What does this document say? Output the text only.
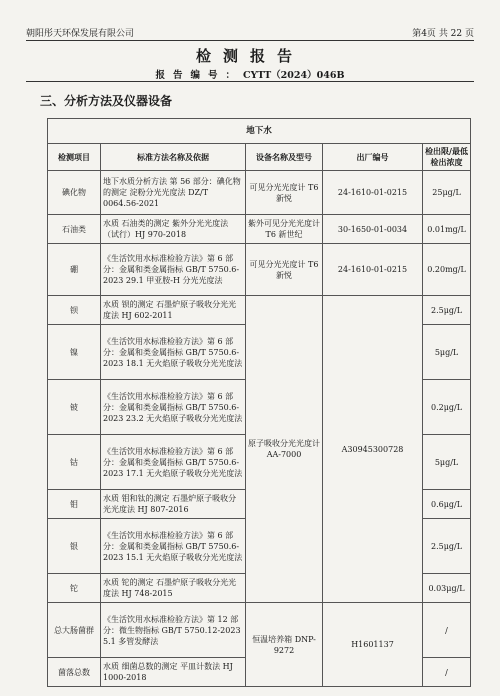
朝阳彤天环保发展有限公司	第4页 共 22 页
检测报告
报告编号：CYTT（2024）046B
三、分析方法及仪器设备
地下水				
检测项目	标准方法名称及依据	设备名称及型号	出厂编号	检出限/最低检出浓度
碘化物	地下水质分析方法 第 56 部分：碘化物的测定 淀粉分光光度法 DZ/T 0064.56-2021	可见分光光度计 T6 新悦	24-1610-01-0215	25μg/L
石油类	水质 石油类的测定 紫外分光光度法（试行）HJ 970-2018	紫外可见分光光度计 T6 新世纪	30-1650-01-0034	0.01mg/L
硼	《生活饮用水标准检验方法》第 6 部分：金属和类金属指标 GB/T 5750.6-2023 29.1 甲亚胺-H 分光光度法	可见分光光度计 T6 新悦	24-1610-01-0215	0.20mg/L
钡	水质 钡的测定 石墨炉原子吸收分光光度法 HJ 602-2011	原子吸收分光光度计 AA-7000	A30945300728	2.5μg/L
镍	《生活饮用水标准检验方法》第 6 部分：金属和类金属指标 GB/T 5750.6-2023 18.1 无火焰原子吸收分光光度法			5μg/L
铍	《生活饮用水标准检验方法》第 6 部分：金属和类金属指标 GB/T 5750.6-2023 23.2 无火焰原子吸收分光光度法			0.2μg/L
钴	《生活饮用水标准检验方法》第 6 部分：金属和类金属指标 GB/T 5750.6-2023 17.1 无火焰原子吸收分光光度法			5μg/L
钼	水质 钼和钛的测定 石墨炉原子吸收分光光度法 HJ 807-2016			0.6μg/L
银	《生活饮用水标准检验方法》第 6 部分：金属和类金属指标 GB/T 5750.6-2023 15.1 无火焰原子吸收分光光度法			2.5μg/L
铊	水质 铊的测定 石墨炉原子吸收分光光度法 HJ 748-2015			0.03μg/L
总大肠菌群	《生活饮用水标准检验方法》第 12 部分：微生物指标 GB/T 5750.12-2023 5.1 多管发酵法	恒温培养箱 DNP-9272	H1601137	/
菌落总数	水质 细菌总数的测定 平皿计数法 HJ 1000-2018			/
